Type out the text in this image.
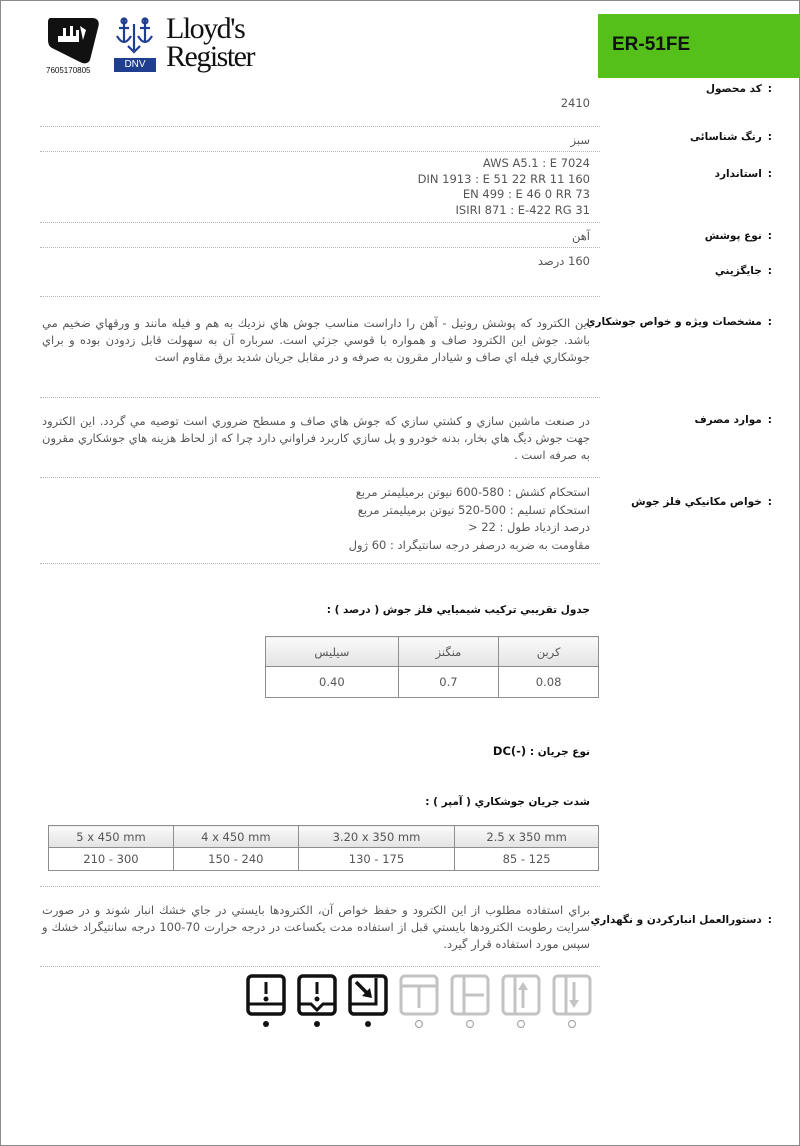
7605170805
DNV
Lloyd's
Register	ER-51FE
:کد محصول
2410
:رنگ شناسائی
سبز
:استاندارد
AWS A5.1 : E 7024
DIN 1913 : E 51 22 RR 11 160
EN 499 : E 46 0 RR 73
ISIRI 871 : E-422 RG 31
:نوع پوشش
آهن
:جايگزيني
160 درصد
:مشخصات ويژه و خواص جوشکاري
اين الکترود که پوشش روتيل - آهن را داراست مناسب جوش هاي نزديك به هم و فيله مانند و ورقهاي ضخيم مي باشد. جوش اين الکترود صاف و همواره با قوسي جزئي است. سرباره آن به سهولت قابل زدودن بوده و براي جوشکاري فيله اي صاف و شيادار مقرون به صرفه و در مقابل جريان شديد برق مقاوم است
:موارد مصرف
در صنعت ماشين سازي و کشتي سازي که جوش هاي صاف و مسطح ضروري است توصيه مي گردد. اين الکترود جهت جوش ديگ هاي بخار، بدنه خودرو و پل سازي کاربرد فراواني دارد چرا که از لحاظ هزينه هاي جوشکاري مقرون به صرفه است .
:خواص مکانيکي فلز جوش
استحکام کشش : 580-600 نيوتن برميليمتر مربع
استحکام تسليم : 500-520 نيوتن برميليمتر مربع
درصد ازدياد طول : 22 <
مقاومت به ضربه درصفر درجه سانتيگراد : 60 ژول
جدول تقريبي ترکيب شيميايي فلز جوش ( درصد ) :
سيليس	منگنز	کربن
0.40	0.7	0.08
نوع جريان : DC(-)
شدت جريان جوشکاري ( آمپر ) :
5 x 450 mm	4 x 450 mm	3.20 x 350 mm	2.5 x 350 mm
210 - 300	150 - 240	130 - 175	85 - 125
:دستورالعمل انبارکردن و نگهداري
براي استفاده مطلوب از اين الکترود و حفظ خواص آن، الکترودها بايستي در جاي خشك انبار شوند و در صورت سرايت رطوبت الکترودها بايستي قبل از استفاده مدت يکساعت در درجه حرارت 70-100 درجه سانتيگراد خشك و سپس مورد استفاده قرار گيرد.
